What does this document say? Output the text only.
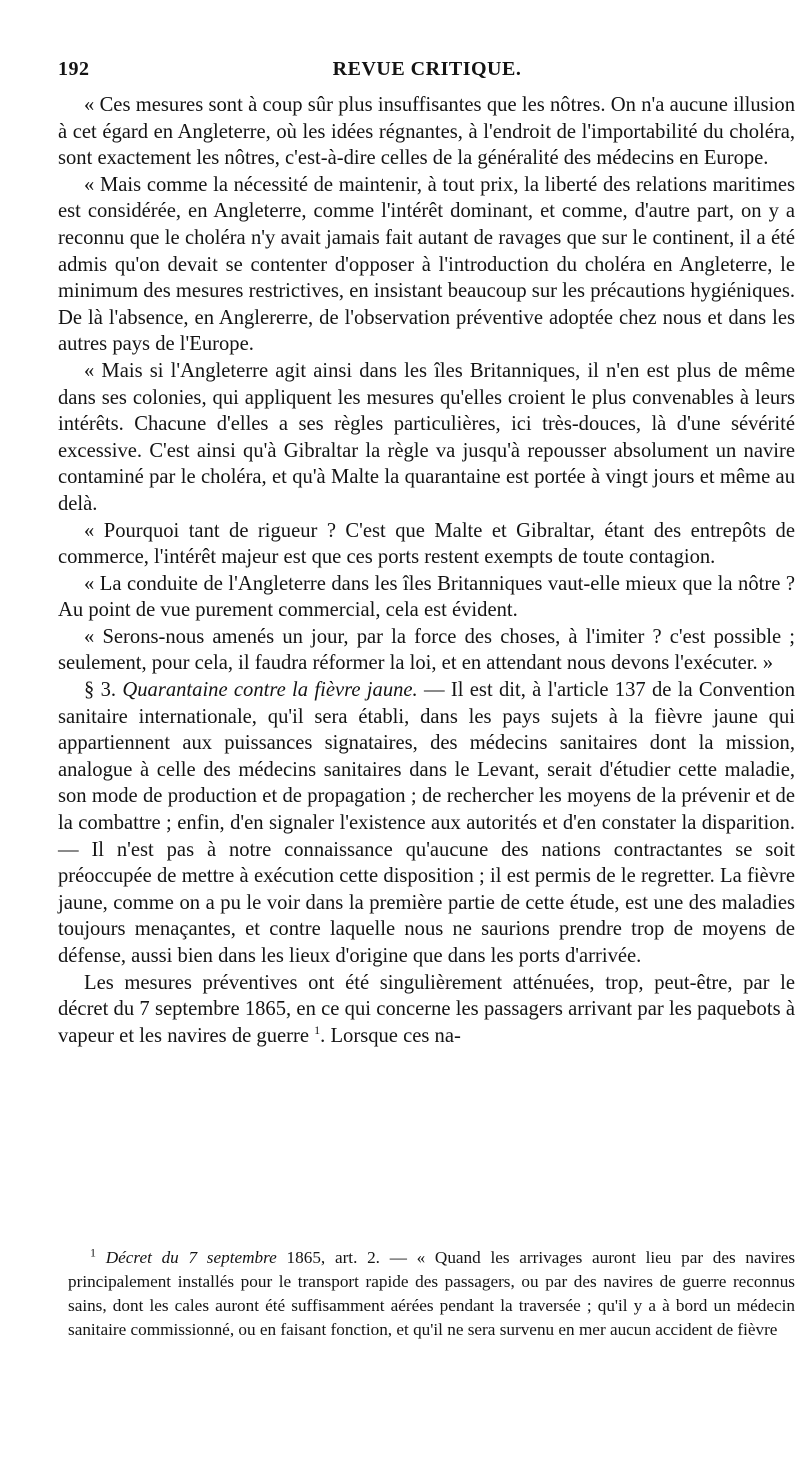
192	REVUE CRITIQUE.

« Ces mesures sont à coup sûr plus insuffisantes que les nôtres. On n'a aucune illusion à cet égard en Angleterre, où les idées régnantes, à l'endroit de l'importabilité du choléra, sont exactement les nôtres, c'est-à-dire celles de la généralité des médecins en Europe.

« Mais comme la nécessité de maintenir, à tout prix, la liberté des relations maritimes est considérée, en Angleterre, comme l'intérêt dominant, et comme, d'autre part, on y a reconnu que le choléra n'y avait jamais fait autant de ravages que sur le continent, il a été admis qu'on devait se contenter d'opposer à l'introduction du choléra en Angleterre, le minimum des mesures restrictives, en insistant beaucoup sur les précautions hygiéniques. De là l'absence, en Anglererre, de l'observation préventive adoptée chez nous et dans les autres pays de l'Europe.

« Mais si l'Angleterre agit ainsi dans les îles Britanniques, il n'en est plus de même dans ses colonies, qui appliquent les mesures qu'elles croient le plus convenables à leurs intérêts. Chacune d'elles a ses règles particulières, ici très-douces, là d'une sévérité excessive. C'est ainsi qu'à Gibraltar la règle va jusqu'à repousser absolument un navire contaminé par le choléra, et qu'à Malte la quarantaine est portée à vingt jours et même au delà.

« Pourquoi tant de rigueur ? C'est que Malte et Gibraltar, étant des entrepôts de commerce, l'intérêt majeur est que ces ports restent exempts de toute contagion.

« La conduite de l'Angleterre dans les îles Britanniques vaut-elle mieux que la nôtre ? Au point de vue purement commercial, cela est évident.

« Serons-nous amenés un jour, par la force des choses, à l'imiter ? c'est possible ; seulement, pour cela, il faudra réformer la loi, et en attendant nous devons l'exécuter. »

§ 3. Quarantaine contre la fièvre jaune. — Il est dit, à l'article 137 de la Convention sanitaire internationale, qu'il sera établi, dans les pays sujets à la fièvre jaune qui appartiennent aux puissances signataires, des médecins sanitaires dont la mission, analogue à celle des médecins sanitaires dans le Levant, serait d'étudier cette maladie, son mode de production et de propagation ; de rechercher les moyens de la prévenir et de la combattre ; enfin, d'en signaler l'existence aux autorités et d'en constater la disparition. — Il n'est pas à notre connaissance qu'aucune des nations contractantes se soit préoccupée de mettre à exécution cette disposition ; il est permis de le regretter. La fièvre jaune, comme on a pu le voir dans la première partie de cette étude, est une des maladies toujours menaçantes, et contre laquelle nous ne saurions prendre trop de moyens de défense, aussi bien dans les lieux d'origine que dans les ports d'arrivée.

Les mesures préventives ont été singulièrement atténuées, trop, peut-être, par le décret du 7 septembre 1865, en ce qui concerne les passagers arrivant par les paquebots à vapeur et les navires de guerre $^1$. Lorsque ces na-

$^1$ Décret du 7 septembre 1865, art. 2. — « Quand les arrivages auront lieu par des navires principalement installés pour le transport rapide des passagers, ou par des navires de guerre reconnus sains, dont les cales auront été suffisamment aérées pendant la traversée ; qu'il y a à bord un médecin sanitaire commissionné, ou en faisant fonction, et qu'il ne sera survenu en mer aucun accident de fièvre
